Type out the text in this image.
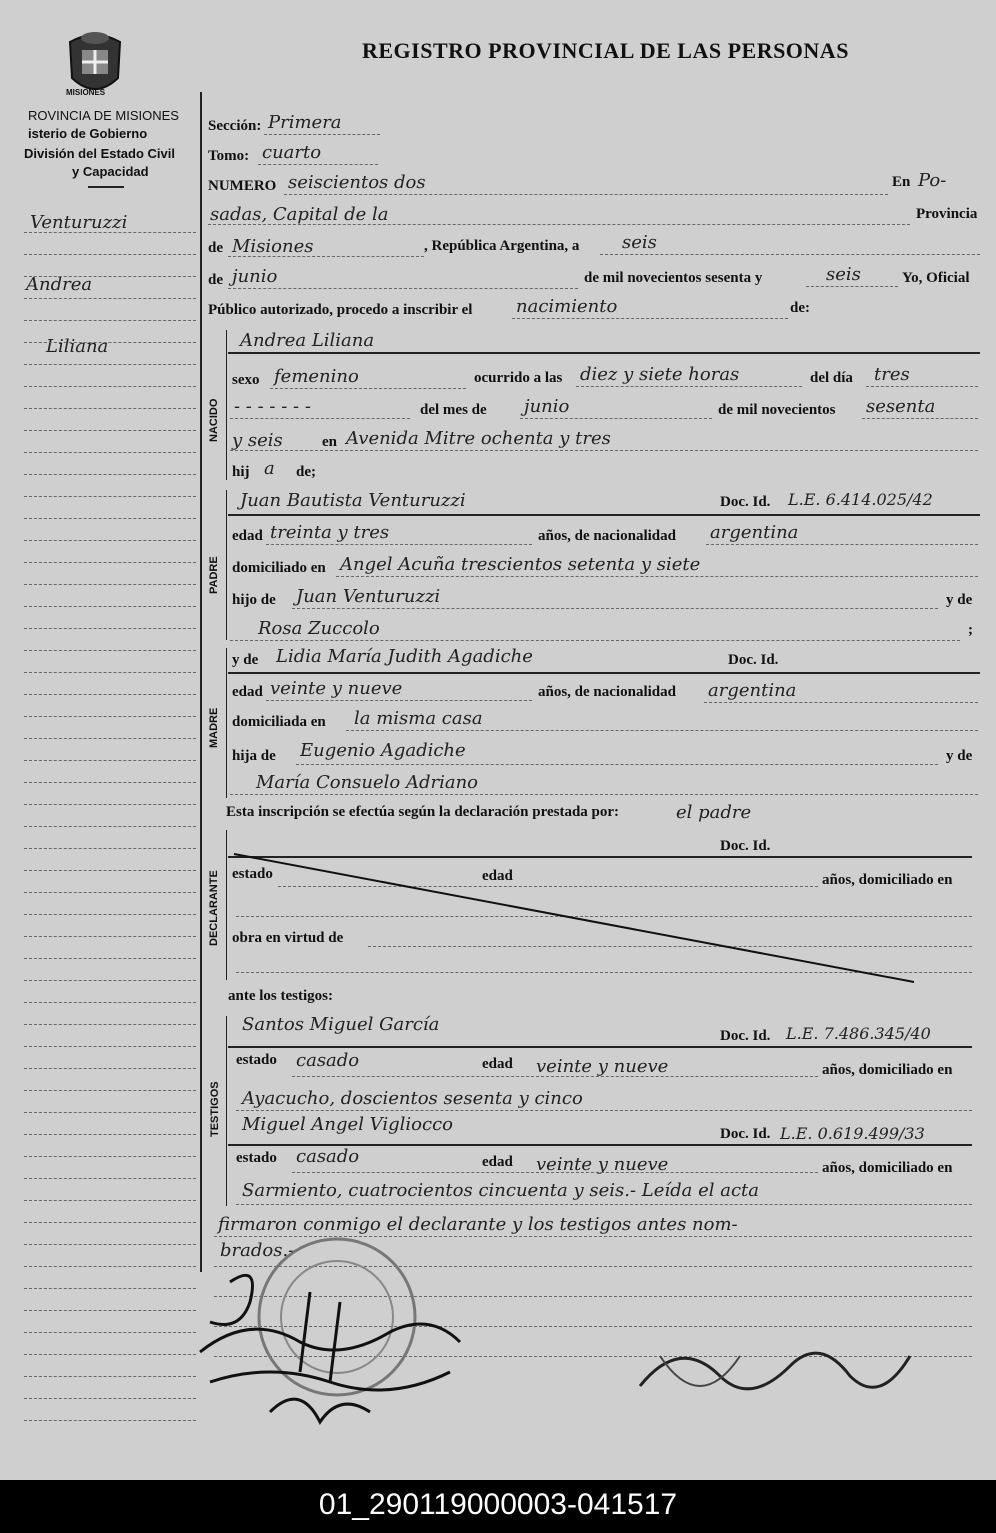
MISIONES
ROVINCIA DE MISIONES
isterio de Gobierno
División del Estado Civil
y Capacidad
REGISTRO PROVINCIAL DE LAS PERSONAS
Venturuzzi
Andrea
Liliana
Sección: Primera
Tomo: cuarto
NUMERO seiscientos dos	En Po-
sadas, Capital de la	Provincia
de Misiones	, República Argentina, a seis
de junio	de mil novecientos sesenta y	seis	Yo, Oficial
Público autorizado, procedo a inscribir el nacimiento	de:
NACIDO
PADRE
MADRE
DECLARANTE
TESTIGOS
Andrea Liliana
sexo femenino	ocurrido a las diez y siete horas	del día tres
- - - - - - -	del mes de junio	de mil novecientos sesenta
y seis	en Avenida Mitre ochenta y tres
hij a de;
Juan Bautista Venturuzzi	Doc. Id. L.E. 6.414.025/42
edad treinta y tres	años, de nacionalidad argentina
domiciliado en Angel Acuña trescientos setenta y siete
hijo de Juan Venturuzzi	y de
Rosa Zuccolo	;
y de Lidia María Judith Agadiche	Doc. Id.
edad veinte y nueve	años, de nacionalidad argentina
domiciliada en la misma casa
hija de Eugenio Agadiche	y de
María Consuelo Adriano
Esta inscripción se efectúa según la declaración prestada por:	el padre
Doc. Id.
estado	edad	años, domiciliado en
obra en virtud de
ante los testigos:
Santos Miguel García
Doc. Id. L.E. 7.486.345/40
estado casado	edad veinte y nueve	años, domiciliado en
Ayacucho, doscientos sesenta y cinco
Miguel Angel Vigliocco	Doc. Id. L.E. 0.619.499/33
estado casado	edad veinte y nueve	años, domiciliado en
Sarmiento, cuatrocientos cincuenta y seis.- Leída el acta
firmaron conmigo el declarante y los testigos antes nom-
brados.-
01_290119000003-041517
